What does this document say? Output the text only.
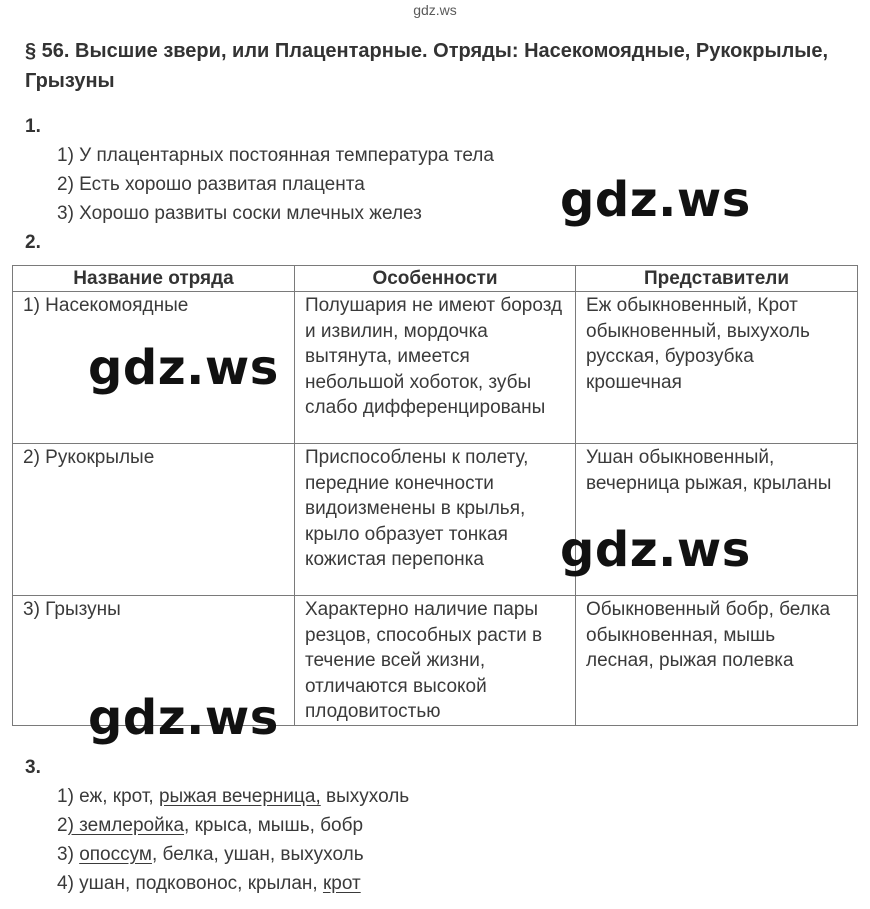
gdz.ws
§ 56. Высшие звери, или Плацентарные. Отряды: Насекомоядные, Рукокрылые, Грызуны
1.
1) У плацентарных постоянная температура тела
2) Есть хорошо развитая плацента
3) Хорошо развиты соски млечных желез
2.
Название отряда	Особенности	Представители
1) Насекомоядные	Полушария не имеют борозд и извилин, мордочка вытянута, имеется небольшой хоботок, зубы слабо дифференцированы	Еж обыкновенный, Крот обыкновенный, выхухоль русская, бурозубка крошечная
2) Рукокрылые	Приспособлены к полету, передние конечности видоизменены в крылья, крыло образует тонкая кожистая перепонка	Ушан обыкновенный, вечерница рыжая, крыланы
3) Грызуны	Характерно наличие пары резцов, способных расти в течение всей жизни, отличаются высокой плодовитостью	Обыкновенный бобр, белка обыкновенная, мышь лесная, рыжая полевка
3.
1) еж, крот, рыжая вечерница, выхухоль
2) землеройка, крыса, мышь, бобр
3) опоссум, белка, ушан, выхухоль
4) ушан, подковонос, крылан, крот
gdz.ws
gdz.ws
gdz.ws
gdz.ws
